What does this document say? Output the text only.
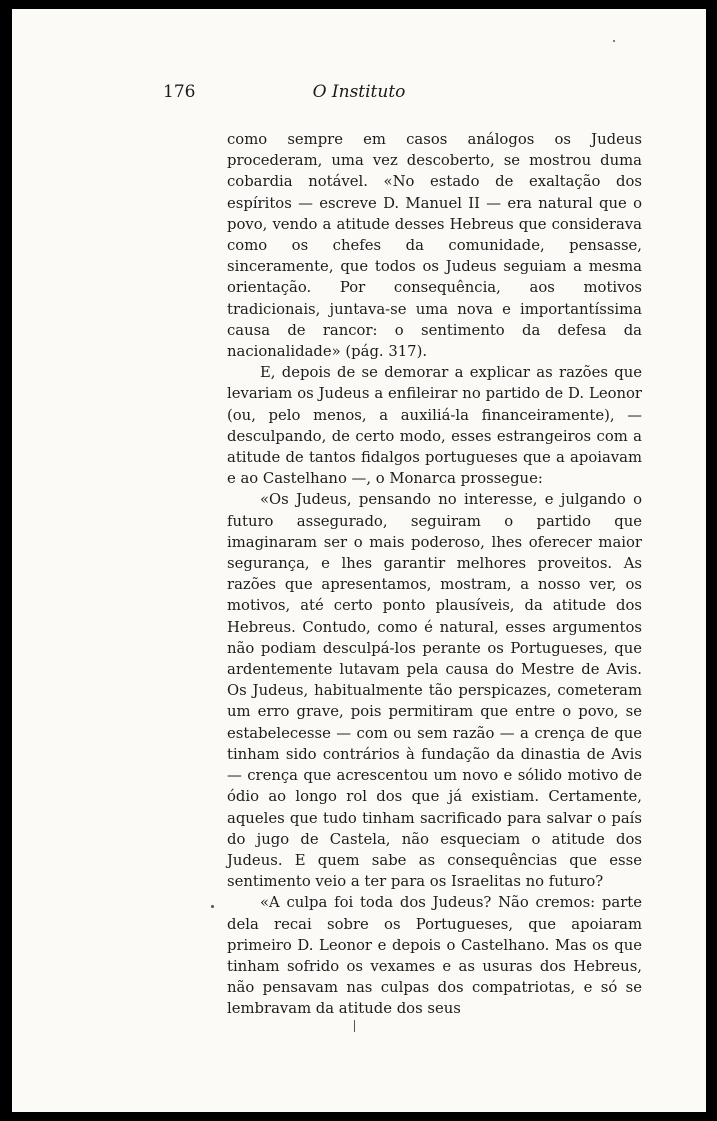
176	O Instituto

como sempre em casos análogos os Judeus procederam, uma vez descoberto, se mostrou duma cobardia notável. «No estado de exaltação dos espíritos — escreve D. Manuel II — era natural que o povo, vendo a atitude desses Hebreus que considerava como os chefes da comunidade, pensasse, sinceramente, que todos os Judeus seguiam a mesma orientação. Por consequência, aos motivos tradicionais, juntava-se uma nova e importantíssima causa de rancor: o sentimento da defesa da nacionalidade» (pág. 317).

E, depois de se demorar a explicar as razões que levariam os Judeus a enfileirar no partido de D. Leonor (ou, pelo menos, a auxiliá-la financeiramente), — desculpando, de certo modo, esses estrangeiros com a atitude de tantos fidalgos portugueses que a apoiavam e ao Castelhano —, o Monarca prossegue:

«Os Judeus, pensando no interesse, e julgando o futuro assegurado, seguiram o partido que imaginaram ser o mais poderoso, lhes oferecer maior segurança, e lhes garantir melhores proveitos. As razões que apresentamos, mostram, a nosso ver, os motivos, até certo ponto plausíveis, da atitude dos Hebreus. Contudo, como é natural, esses argumentos não podiam desculpá-los perante os Portugueses, que ardentemente lutavam pela causa do Mestre de Avis. Os Judeus, habitualmente tão perspicazes, cometeram um erro grave, pois permitiram que entre o povo, se estabelecesse — com ou sem razão — a crença de que tinham sido contrários à fundação da dinastia de Avis — crença que acrescentou um novo e sólido motivo de ódio ao longo rol dos que já existiam. Certamente, aqueles que tudo tinham sacrificado para salvar o país do jugo de Castela, não esqueciam o atitude dos Judeus. E quem sabe as consequências que esse sentimento veio a ter para os Israelitas no futuro?

«A culpa foi toda dos Judeus? Não cremos: parte dela recai sobre os Portugueses, que apoiaram primeiro D. Leonor e depois o Castelhano. Mas os que tinham sofrido os vexames e as usuras dos Hebreus, não pensavam nas culpas dos compatriotas, e só se lembravam da atitude dos seus
